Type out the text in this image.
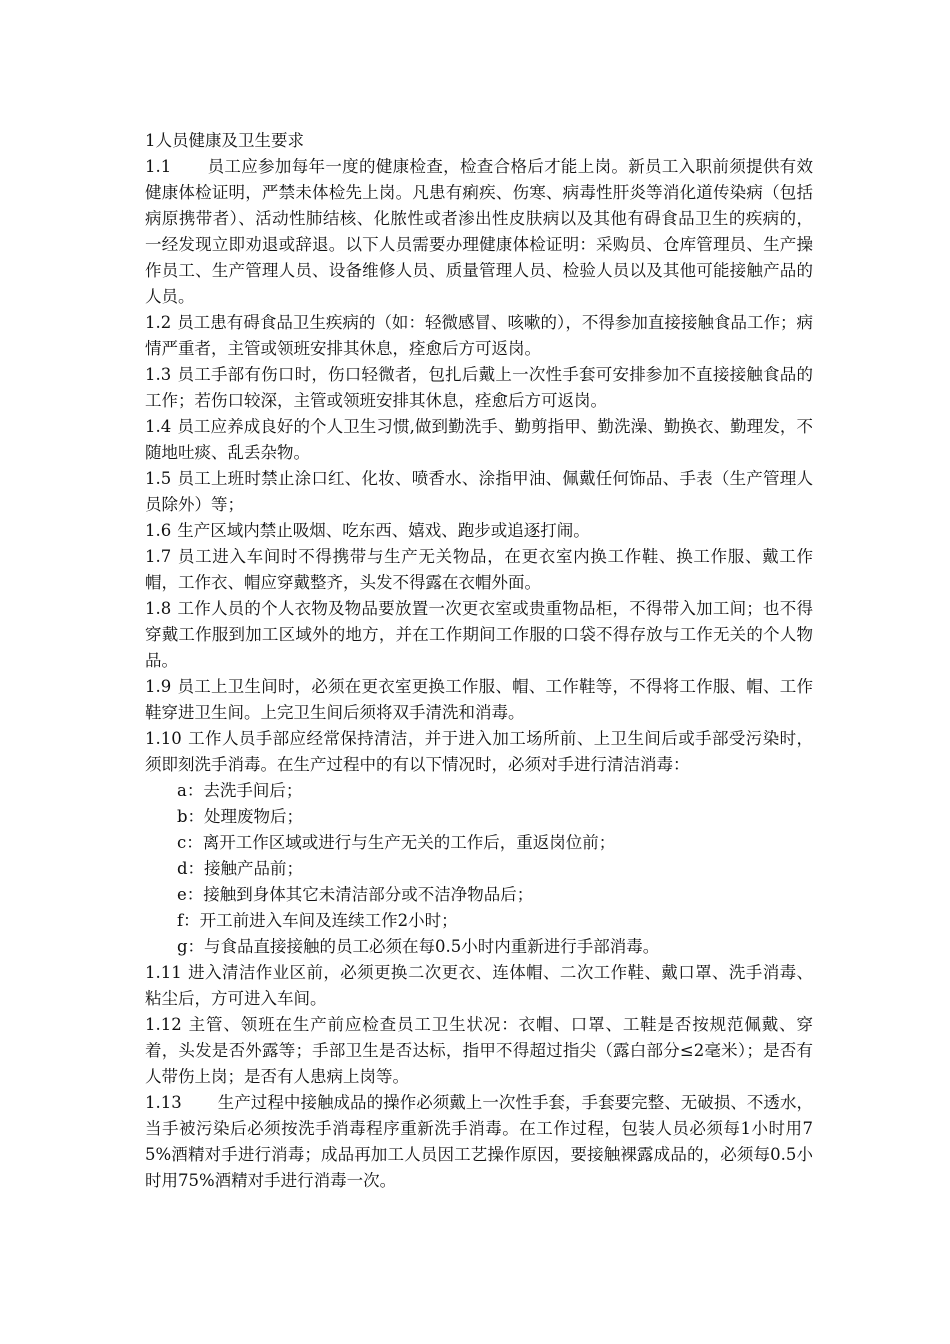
1人员健康及卫生要求

1.1 员工应参加每年一度的健康检查，检查合格后才能上岗。新员工入职前须提供有效健康体检证明，严禁未体检先上岗。凡患有痢疾、伤寒、病毒性肝炎等消化道传染病（包括病原携带者）、活动性肺结核、化脓性或者渗出性皮肤病以及其他有碍食品卫生的疾病的，一经发现立即劝退或辞退。以下人员需要办理健康体检证明：采购员、仓库管理员、生产操作员工、生产管理人员、设备维修人员、质量管理人员、检验人员以及其他可能接触产品的人员。

1.2 员工患有碍食品卫生疾病的（如：轻微感冒、咳嗽的），不得参加直接接触食品工作；病情严重者，主管或领班安排其休息，痊愈后方可返岗。

1.3 员工手部有伤口时，伤口轻微者，包扎后戴上一次性手套可安排参加不直接接触食品的工作；若伤口较深，主管或领班安排其休息，痊愈后方可返岗。

1.4 员工应养成良好的个人卫生习惯,做到勤洗手、勤剪指甲、勤洗澡、勤换衣、勤理发，不随地吐痰、乱丢杂物。

1.5 员工上班时禁止涂口红、化妆、喷香水、涂指甲油、佩戴任何饰品、手表（生产管理人员除外）等；

1.6 生产区域内禁止吸烟、吃东西、嬉戏、跑步或追逐打闹。

1.7 员工进入车间时不得携带与生产无关物品，在更衣室内换工作鞋、换工作服、戴工作帽，工作衣、帽应穿戴整齐，头发不得露在衣帽外面。

1.8 工作人员的个人衣物及物品要放置一次更衣室或贵重物品柜，不得带入加工间；也不得穿戴工作服到加工区域外的地方，并在工作期间工作服的口袋不得存放与工作无关的个人物品。

1.9 员工上卫生间时，必须在更衣室更换工作服、帽、工作鞋等，不得将工作服、帽、工作鞋穿进卫生间。上完卫生间后须将双手清洗和消毒。

1.10 工作人员手部应经常保持清洁，并于进入加工场所前、上卫生间后或手部受污染时，须即刻洗手消毒。在生产过程中的有以下情况时，必须对手进行清洁消毒：

a：去洗手间后；

b：处理废物后；

c：离开工作区域或进行与生产无关的工作后，重返岗位前；

d：接触产品前；

e：接触到身体其它未清洁部分或不洁净物品后；

f：开工前进入车间及连续工作2小时；

g：与食品直接接触的员工必须在每0.5小时内重新进行手部消毒。

1.11 进入清洁作业区前，必须更换二次更衣、连体帽、二次工作鞋、戴口罩、洗手消毒、粘尘后，方可进入车间。

1.12 主管、领班在生产前应检查员工卫生状况：衣帽、口罩、工鞋是否按规范佩戴、穿着，头发是否外露等；手部卫生是否达标，指甲不得超过指尖（露白部分≤2毫米）；是否有人带伤上岗；是否有人患病上岗等。

1.13 生产过程中接触成品的操作必须戴上一次性手套，手套要完整、无破损、不透水，当手被污染后必须按洗手消毒程序重新洗手消毒。在工作过程，包装人员必须每1小时用75%酒精对手进行消毒；成品再加工人员因工艺操作原因，要接触裸露成品的，必须每0.5小时用75%酒精对手进行消毒一次。
